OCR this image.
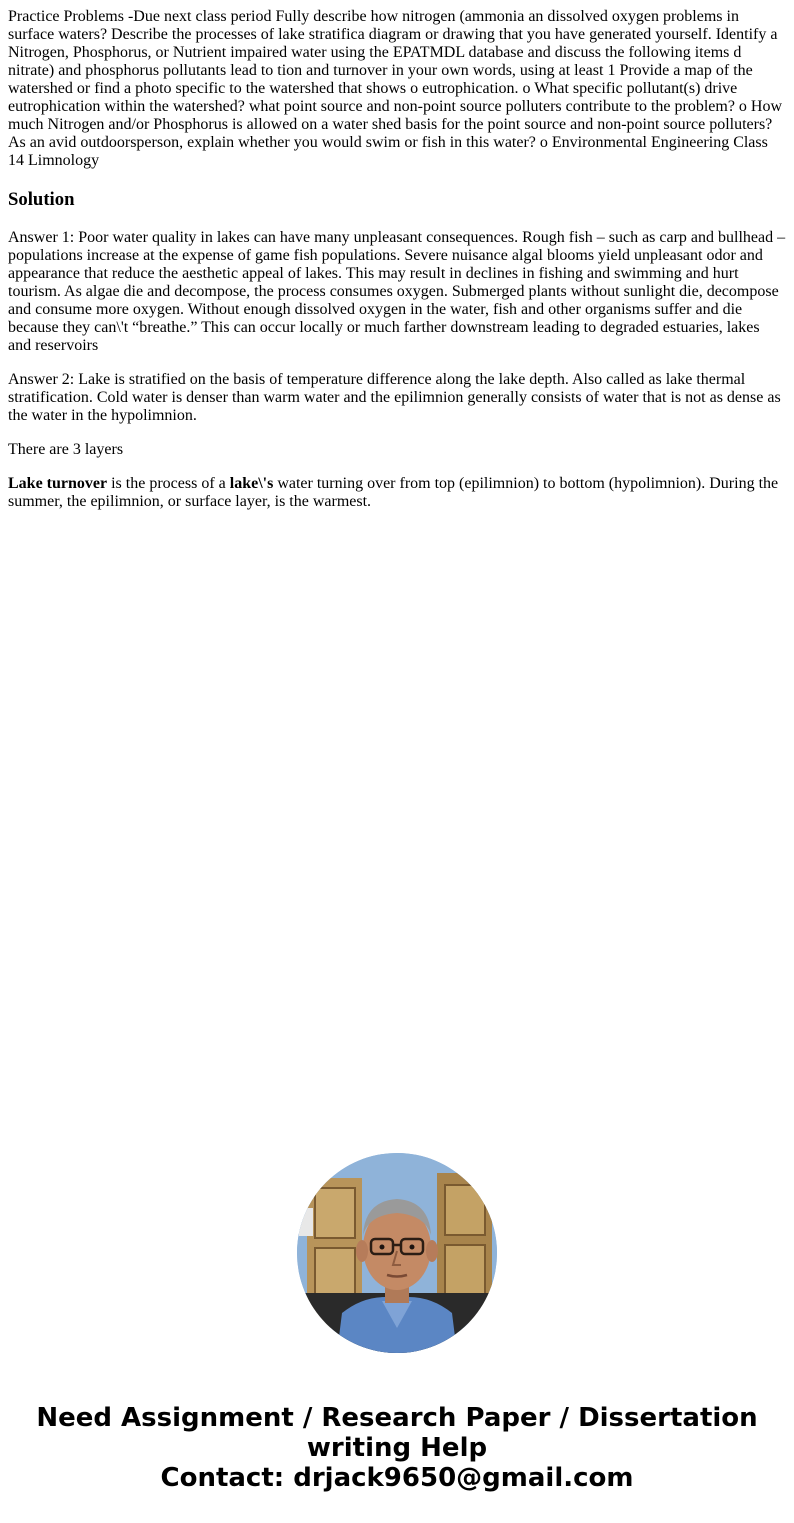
Practice Problems -Due next class period Fully describe how nitrogen (ammonia an dissolved oxygen problems in surface waters? Describe the processes of lake stratifica diagram or drawing that you have generated yourself. Identify a Nitrogen, Phosphorus, or Nutrient impaired water using the EPATMDL database and discuss the following items d nitrate) and phosphorus pollutants lead to tion and turnover in your own words, using at least 1 Provide a map of the watershed or find a photo specific to the watershed that shows o eutrophication. o What specific pollutant(s) drive eutrophication within the watershed? what point source and non-point source polluters contribute to the problem? o How much Nitrogen and/or Phosphorus is allowed on a water shed basis for the point source and non-point source polluters? As an avid outdoorsperson, explain whether you would swim or fish in this water? o Environmental Engineering Class 14 Limnology

Solution

Answer 1: Poor water quality in lakes can have many unpleasant consequences. Rough fish – such as carp and bullhead – populations increase at the expense of game fish populations. Severe nuisance algal blooms yield unpleasant odor and appearance that reduce the aesthetic appeal of lakes. This may result in declines in fishing and swimming and hurt tourism. As algae die and decompose, the process consumes oxygen. Submerged plants without sunlight die, decompose and consume more oxygen. Without enough dissolved oxygen in the water, fish and other organisms suffer and die because they can\'t “breathe.” This can occur locally or much farther downstream leading to degraded estuaries, lakes and reservoirs

Answer 2: Lake is stratified on the basis of temperature difference along the lake depth. Also called as lake thermal stratification. Cold water is denser than warm water and the epilimnion generally consists of water that is not as dense as the water in the hypolimnion.

There are 3 layers

Lake turnover is the process of a lake\'s water turning over from top (epilimnion) to bottom (hypolimnion). During the summer, the epilimnion, or surface layer, is the warmest.

Need Assignment / Research Paper / Dissertation
writing Help
Contact: drjack9650@gmail.com
